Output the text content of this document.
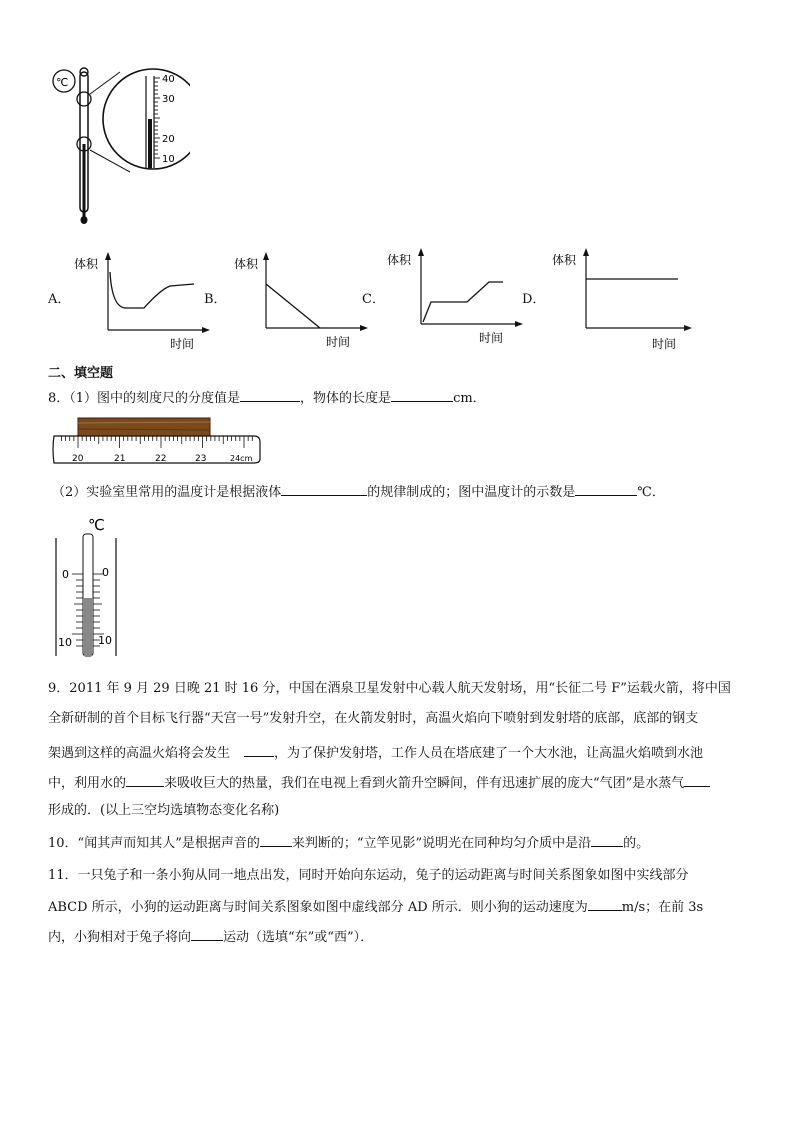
℃	40
30
20
10
A．
体积
时间
B．
体积
时间
C．
体积
时间
D．
体积
时间
二、填空题
8．（1）图中的刻度尺的分度值是	，物体的长度是	cm．
20	21	22	23	24cm
（2）实验室里常用的温度计是根据液体	的规律制成的；图中温度计的示数是	℃．
℃
0	0
10 10
9．2011 年 9 月 29 日晚 21 时 16 分，中国在酒泉卫星发射中心载人航天发射场，用“长征二号 F”运载火箭，将中国
全新研制的首个目标飞行器“天宫一号”发射升空，在火箭发射时，高温火焰向下喷射到发射塔的底部，底部的钢支
架遇到这样的高温火焰将会发生	，为了保护发射塔，工作人员在塔底建了一个大水池，让高温火焰喷到水池
中，利用水的	来吸收巨大的热量，我们在电视上看到火箭升空瞬间，伴有迅速扩展的庞大“气团”是水蒸气
形成的．(以上三空均选填物态变化名称)
10．“闻其声而知其人”是根据声音的 来判断的；“立竿见影”说明光在同种均匀介质中是沿 的。
11．一只兔子和一条小狗从同一地点出发，同时开始向东运动，兔子的运动距离与时间关系图象如图中实线部分
ABCD 所示，小狗的运动距离与时间关系图象如图中虚线部分 AD 所示．则小狗的运动速度为	m/s；在前 3s
内，小狗相对于兔子将向 运动（选填“东”或“西”）．
